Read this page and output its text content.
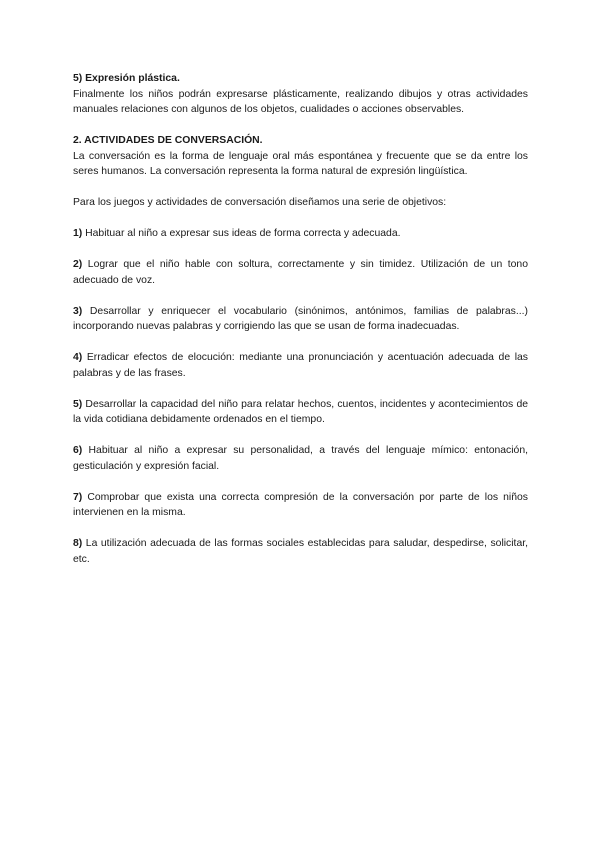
5) Expresión plástica.

Finalmente los niños podrán expresarse plásticamente, realizando dibujos y otras actividades manuales relaciones con algunos de los objetos, cualidades o acciones observables.

2. ACTIVIDADES DE CONVERSACIÓN.

La conversación es la forma de lenguaje oral más espontánea y frecuente que se da entre los seres humanos. La conversación representa la forma natural de expresión lingüística.

Para los juegos y actividades de conversación diseñamos una serie de objetivos:

1) Habituar al niño a expresar sus ideas de forma correcta y adecuada.

2) Lograr que el niño hable con soltura, correctamente y sin timidez. Utilización de un tono adecuado de voz.

3) Desarrollar y enriquecer el vocabulario (sinónimos, antónimos, familias de palabras...) incorporando nuevas palabras y corrigiendo las que se usan de forma inadecuadas.

4) Erradicar efectos de elocución: mediante una pronunciación y acentuación adecuada de las palabras y de las frases.

5) Desarrollar la capacidad del niño para relatar hechos, cuentos, incidentes y acontecimientos de la vida cotidiana debidamente ordenados en el tiempo.

6) Habituar al niño a expresar su personalidad, a través del lenguaje mímico: entonación, gesticulación y expresión facial.

7) Comprobar que exista una correcta compresión de la conversación por parte de los niños intervienen en la misma.

8) La utilización adecuada de las formas sociales establecidas para saludar, despedirse, solicitar, etc.
